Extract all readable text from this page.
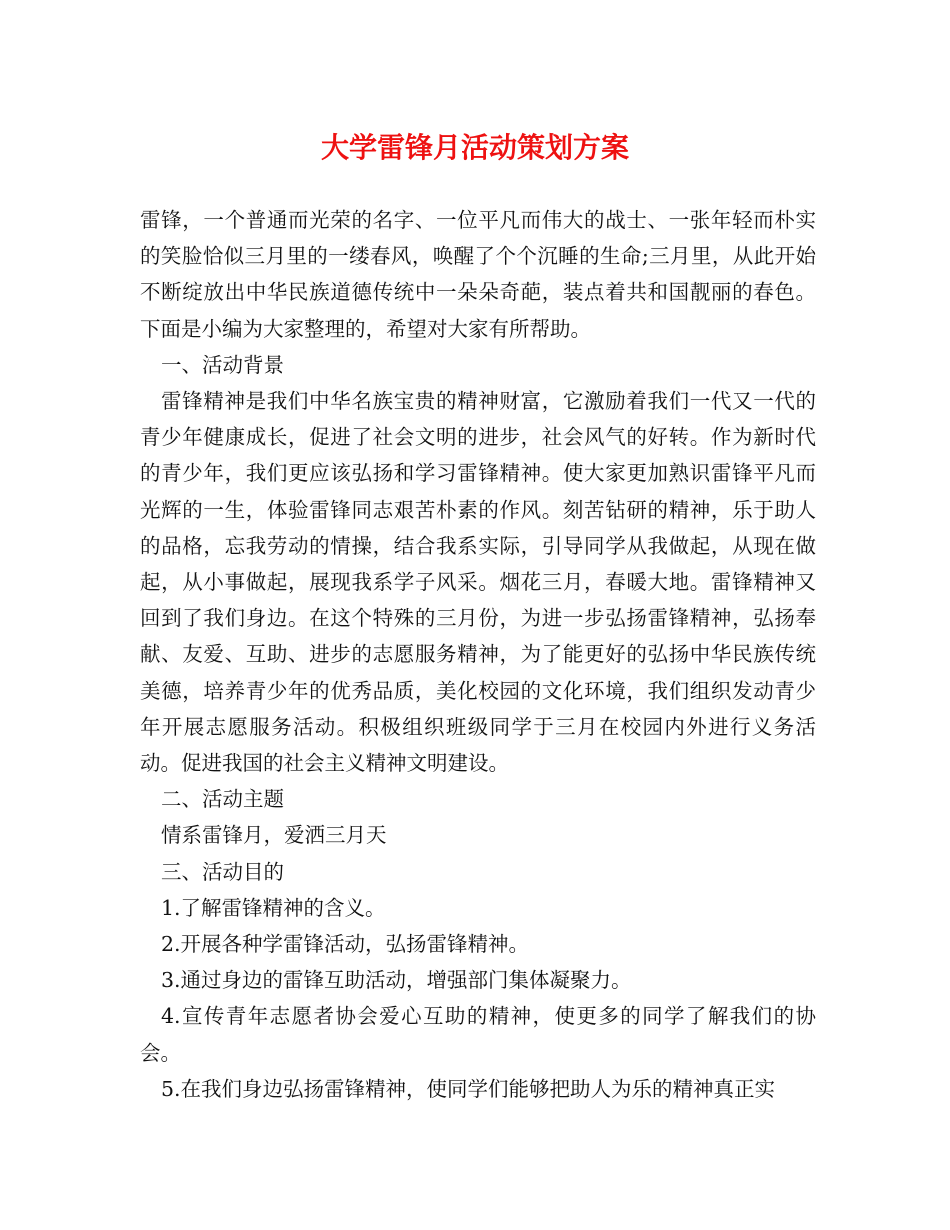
大学雷锋月活动策划方案

雷锋，一个普通而光荣的名字、一位平凡而伟大的战士、一张年轻而朴实的笑脸恰似三月里的一缕春风，唤醒了个个沉睡的生命;三月里，从此开始不断绽放出中华民族道德传统中一朵朵奇葩，装点着共和国靓丽的春色。下面是小编为大家整理的，希望对大家有所帮助。

一、活动背景

雷锋精神是我们中华名族宝贵的精神财富，它激励着我们一代又一代的青少年健康成长，促进了社会文明的进步，社会风气的好转。作为新时代的青少年，我们更应该弘扬和学习雷锋精神。使大家更加熟识雷锋平凡而光辉的一生，体验雷锋同志艰苦朴素的作风。刻苦钻研的精神，乐于助人的品格，忘我劳动的情操，结合我系实际，引导同学从我做起，从现在做起，从小事做起，展现我系学子风采。烟花三月，春暖大地。雷锋精神又回到了我们身边。在这个特殊的三月份，为进一步弘扬雷锋精神，弘扬奉献、友爱、互助、进步的志愿服务精神，为了能更好的弘扬中华民族传统美德，培养青少年的优秀品质，美化校园的文化环境，我们组织发动青少年开展志愿服务活动。积极组织班级同学于三月在校园内外进行义务活动。促进我国的社会主义精神文明建设。

二、活动主题

情系雷锋月，爱洒三月天

三、活动目的

1.了解雷锋精神的含义。

2.开展各种学雷锋活动，弘扬雷锋精神。

3.通过身边的雷锋互助活动，增强部门集体凝聚力。

4.宣传青年志愿者协会爱心互助的精神，使更多的同学了解我们的协会。

5.在我们身边弘扬雷锋精神，使同学们能够把助人为乐的精神真正实
